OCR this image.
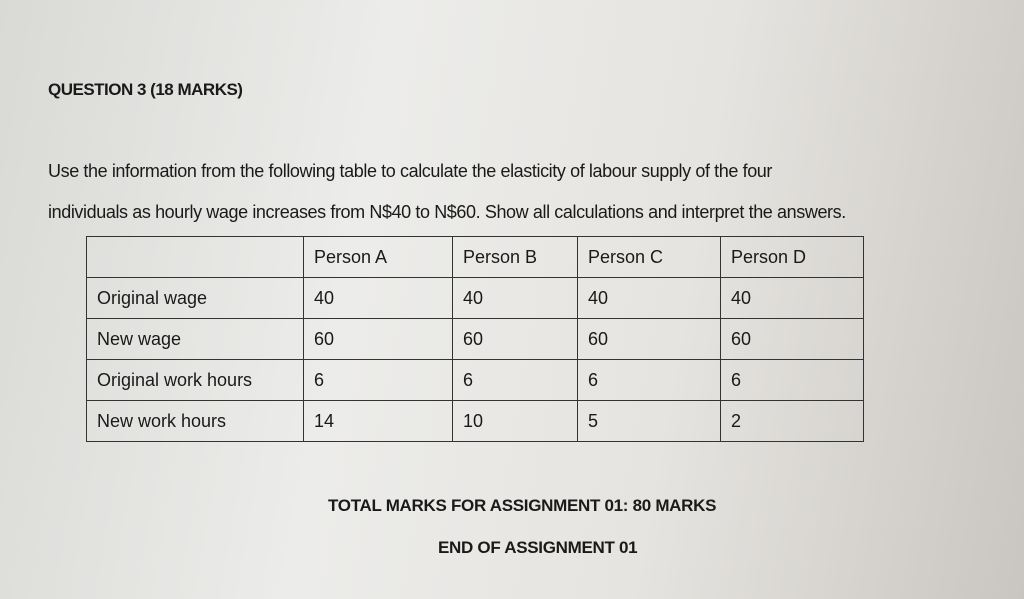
QUESTION 3 (18 MARKS)
Use the information from the following table to calculate the elasticity of labour supply of the four
individuals as hourly wage increases from N$40 to N$60. Show all calculations and interpret the answers.
	Person A	Person B	Person C	Person D
Original wage	40	40	40	40
New wage	60	60	60	60
Original work hours	6	6	6	6
New work hours	14	10	5	2
TOTAL MARKS FOR ASSIGNMENT 01: 80 MARKS
END OF ASSIGNMENT 01
